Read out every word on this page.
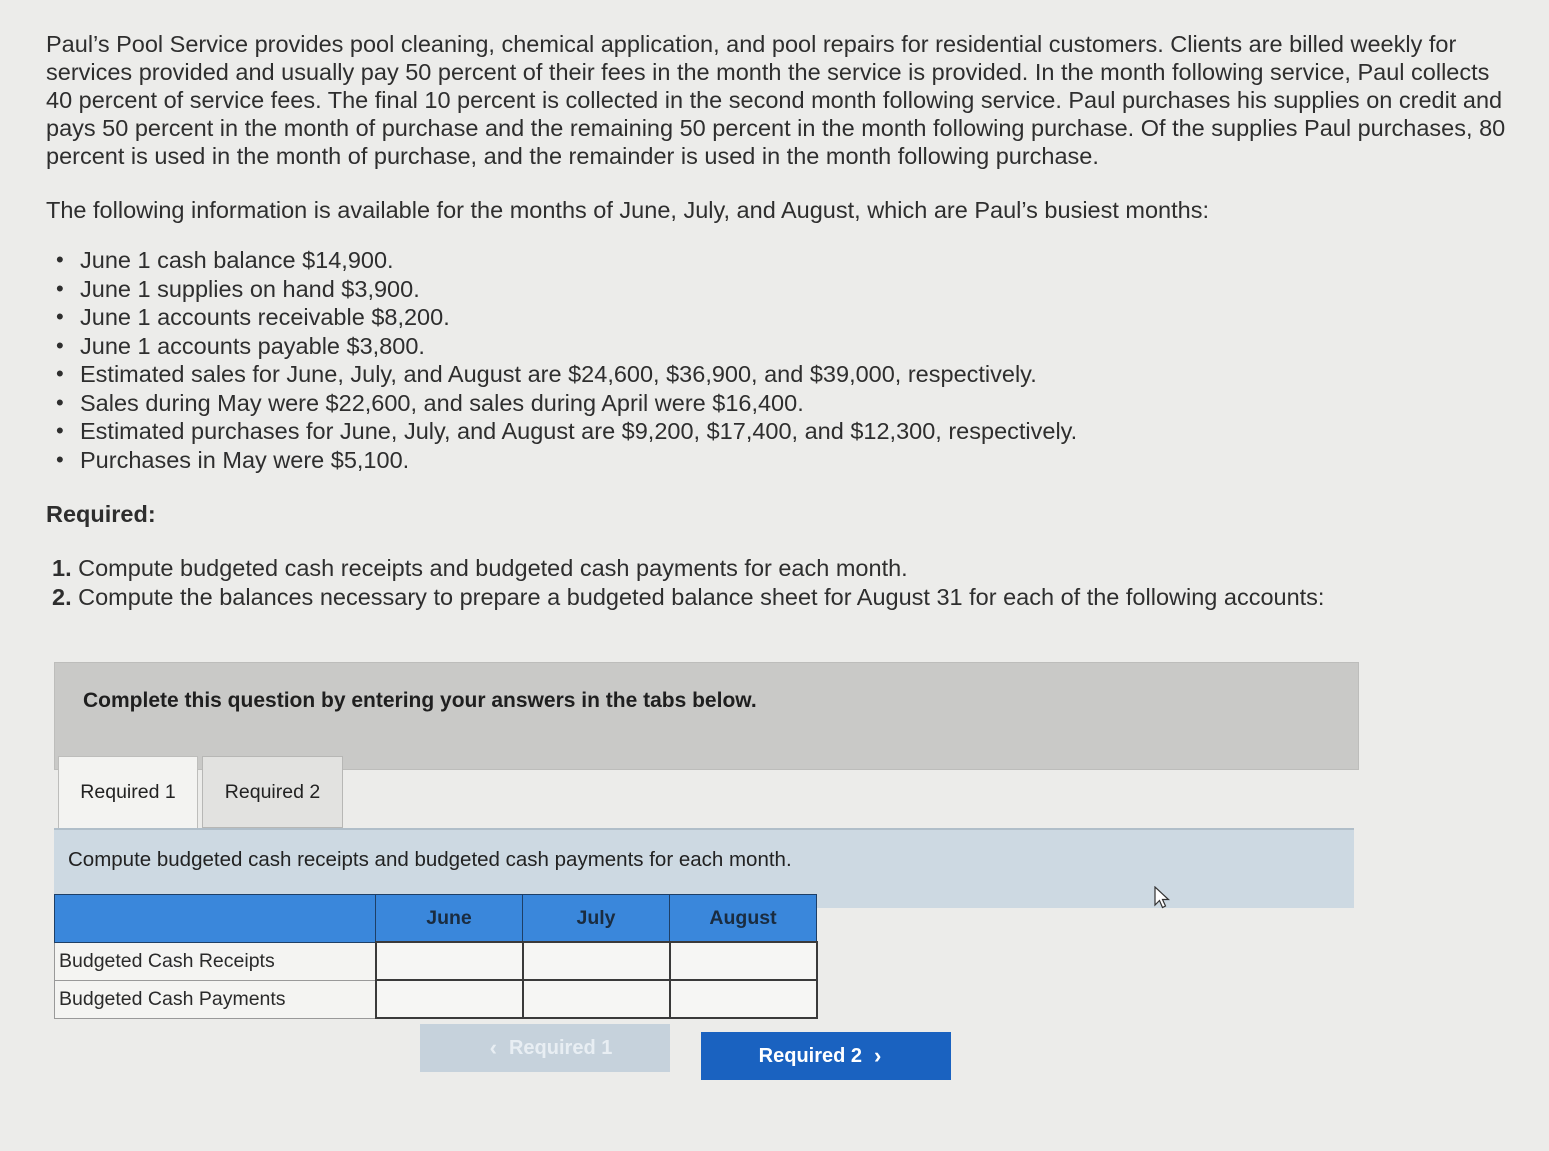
Paul’s Pool Service provides pool cleaning, chemical application, and pool repairs for residential customers. Clients are billed weekly for services provided and usually pay 50 percent of their fees in the month the service is provided. In the month following service, Paul collects 40 percent of service fees. The final 10 percent is collected in the second month following service. Paul purchases his supplies on credit and pays 50 percent in the month of purchase and the remaining 50 percent in the month following purchase. Of the supplies Paul purchases, 80 percent is used in the month of purchase, and the remainder is used in the month following purchase.

The following information is available for the months of June, July, and August, which are Paul’s busiest months:

• June 1 cash balance $14,900.
• June 1 supplies on hand $3,900.
• June 1 accounts receivable $8,200.
• June 1 accounts payable $3,800.
• Estimated sales for June, July, and August are $24,600, $36,900, and $39,000, respectively.
• Sales during May were $22,600, and sales during April were $16,400.
• Estimated purchases for June, July, and August are $9,200, $17,400, and $12,300, respectively.
• Purchases in May were $5,100.

Required:

1. Compute budgeted cash receipts and budgeted cash payments for each month.
2. Compute the balances necessary to prepare a budgeted balance sheet for August 31 for each of the following accounts:
Complete this question by entering your answers in the tabs below.
Required 1	Required 2
Compute budgeted cash receipts and budgeted cash payments for each month.
	June	July	August
Budgeted Cash Receipts			
Budgeted Cash Payments			
‹ Required 1	Required 2 ›
